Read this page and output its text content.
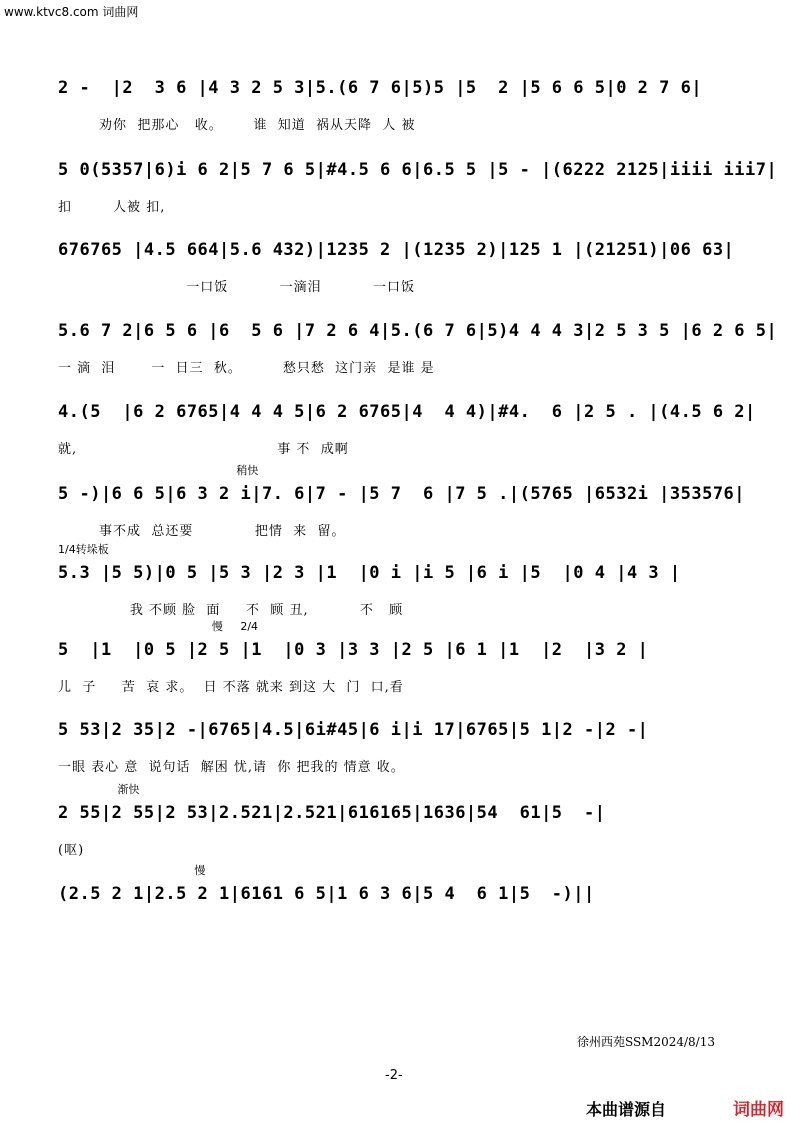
www.ktvc8.com 词曲网
2 -  |2  3 6 |4 3 2 5 3|5.(6 7 6|5)5 |5  2 |5 6 6 5|0 2 7 6|
劝你  把那心   收。      谁  知道  祸从天降  人 被
5 0(5357|6)i 6 2|5 7 6 5|#4.5 6 6|6.5 5 |5 - |(6222 2125|iiii iii7|
扣        人被 扣,
676765 |4.5 664|5.6 432)|1235 2 |(1235 2)|125 1 |(21251)|06 63|
一口饭          一滴泪          一口饭
5.6 7 2|6 5 6 |6  5 6 |7 2 6 4|5.(6 7 6|5)4 4 4 3|2 5 3 5 |6 2 6 5|
一 滴  泪       一  日三  秋。        愁只愁  这门亲  是谁 是
4.(5  |6 2 6765|4 4 4 5|6 2 6765|4  4 4)|#4.  6 |2 5 . |(4.5 6 2|
就,                                       事 不  成啊
稍快
5 -)|6 6 5|6 3 2 i|7. 6|7 - |5 7  6 |7 5 .|(5765 |6532i |353576|
事不成  总还要            把情  来  留。
1/4转垛板
5.3 |5 5)|0 5 |5 3 |2 3 |1  |0 i |i 5 |6 i |5  |0 4 |4 3 |
我 不顾 脸  面     不  顾 丑,          不   顾
慢     2/4
5  |1  |0 5 |2 5 |1  |0 3 |3 3 |2 5 |6 1 |1  |2  |3 2 |
儿  子     苦  哀 求。  日 不落 就来 到这 大  门  口,看
5 53|2 35|2 -|6765|4.5|6i#45|6 i|i 17|6765|5 1|2 -|2 -|
一眼 表心 意  说句话  解困 忧,请  你 把我的 情意 收。
渐快
2 55|2 55|2 53|2.521|2.521|616165|1636|54  61|5  -|
(呕)
慢
(2.5 2 1|2.5 2 1|6161 6 5|1 6 3 6|5 4  6 1|5  -)||
徐州西苑SSM2024/8/13
-2-
本曲谱源自	词曲网
